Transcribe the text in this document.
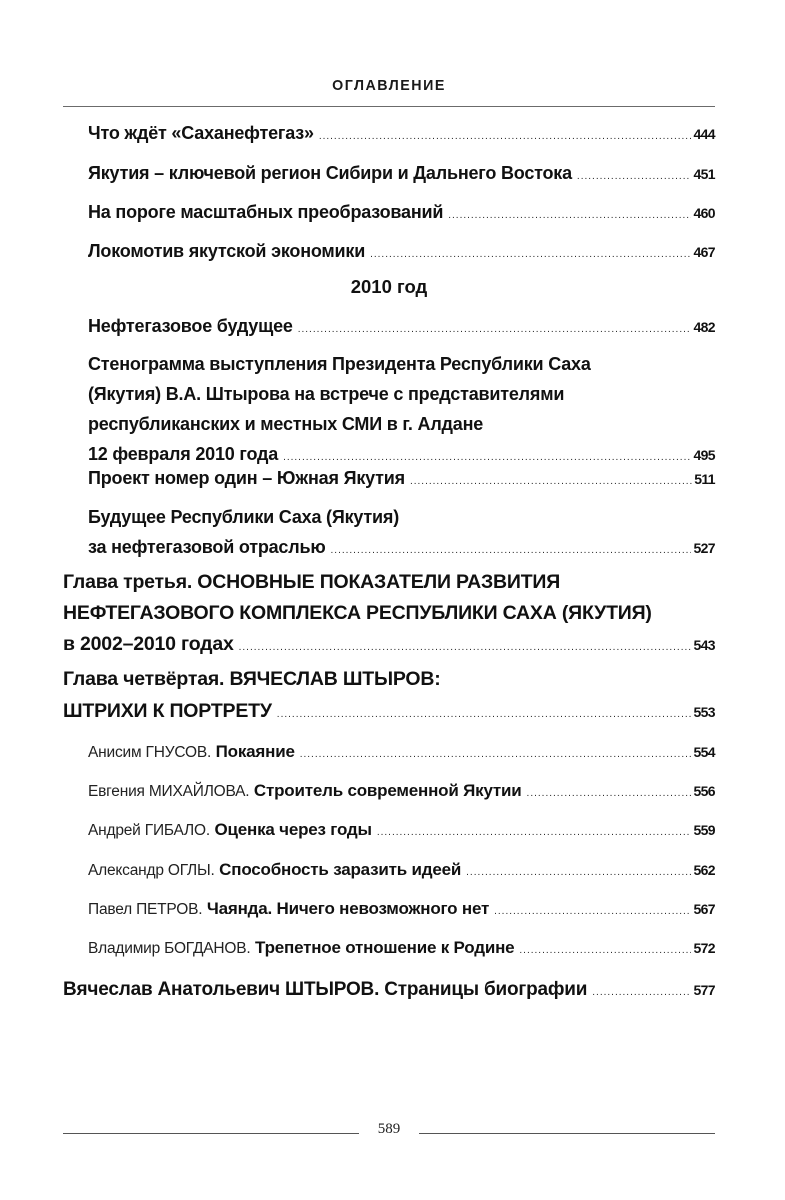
ОГЛАВЛЕНИЕ
Что ждёт «Саханефтегаз» .....	444
Якутия – ключевой регион Сибири и Дальнего Востока .....	451
На пороге масштабных преобразований .....	460
Локомотив якутской экономики .....	467
2010 год
Нефтегазовое будущее .....	482
Стенограмма выступления Президента Республики Саха
(Якутия) В.А. Штырова на встрече с представителями
республиканских и местных СМИ в г. Алдане
12 февраля 2010 года .....	495
Проект номер один – Южная Якутия .....	511
Будущее Республики Саха (Якутия)
за нефтегазовой отраслью .....	527
Глава третья. ОСНОВНЫЕ ПОКАЗАТЕЛИ РАЗВИТИЯ
НЕФТЕГАЗОВОГО КОМПЛЕКСА РЕСПУБЛИКИ САХА (ЯКУТИЯ)
в 2002–2010 годах .....	543
Глава четвёртая. ВЯЧЕСЛАВ ШТЫРОВ:
ШТРИХИ К ПОРТРЕТУ .....	553
Анисим ГНУСОВ. Покаяние .....	554
Евгения МИХАЙЛОВА. Строитель современной Якутии .....	556
Андрей ГИБАЛО. Оценка через годы .....	559
Александр ОГЛЫ. Способность заразить идеей .....	562
Павел ПЕТРОВ. Чаянда. Ничего невозможного нет .....	567
Владимир БОГДАНОВ. Трепетное отношение к Родине .....	572
Вячеслав Анатольевич ШТЫРОВ. Страницы биографии .....	577
589
